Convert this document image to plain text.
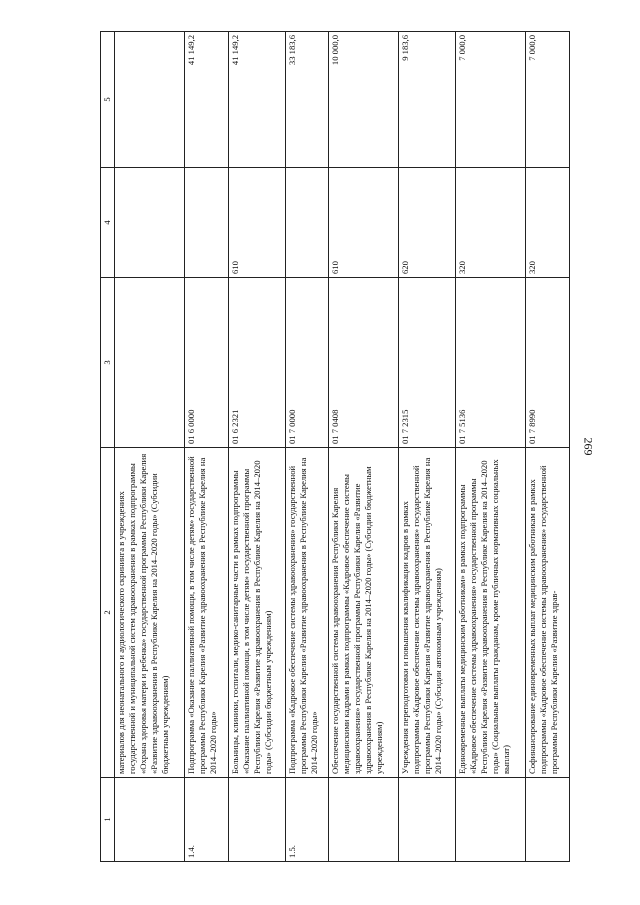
269
1	2	3	4	5
	материалов для неонатального и аудиологического скрининга в учреждениях государственной и муниципальной систем здравоохранения в рамках подпрограммы «Охрана здоровья матери и ребенка» государственной программы Республики Карелия «Развитие здравоохранения в Республике Карелия на 2014–2020 годы» (Субсидии бюджетным учреждениям)			
1.4.	Подпрограмма «Оказание паллиативной помощи, в том числе детям» государственной программы Республики Карелия «Развитие здравоохранения в Республике Карелия на 2014–2020 годы»	01 6 0000		41 149,2
	Больницы, клиники, госпитали, медико-санитарные части в рамках подпрограммы «Оказание паллиативной помощи, в том числе детям» государственной программы Республики Карелия «Развитие здравоохранения в Республике Карелия на 2014–2020 годы» (Субсидии бюджетным учреждениям)	01 6 2321	610	41 149,2
1.5.	Подпрограмма «Кадровое обеспечение системы здравоохранения» государственной программы Республики Карелия «Развитие здравоохранения в Республике Карелия на 2014–2020 годы»	01 7 0000		33 183,6
	Обеспечение государственной системы здравоохранения Республики Карелия медицинскими кадрами в рамках подпрограммы «Кадровое обеспечение системы здравоохранения» государственной программы Республики Карелия «Развитие здравоохранения в Республике Карелия на 2014–2020 годы» (Субсидии бюджетным учреждениям)	01 7 0408	610	10 000,0
	Учреждения переподготовки и повышения квалификации кадров в рамках подпрограммы «Кадровое обеспечение системы здравоохранения» государственной программы Республики Карелия «Развитие здравоохранения в Республике Карелия на 2014–2020 годы» (Субсидии автономным учреждениям)	01 7 2315	620	9 183,6
	Единовременные выплаты медицинским работникам» в рамках подпрограммы «Кадровое обеспечение системы здравоохранения» государственной программы Республики Карелия «Развитие здравоохранения в Республике Карелия на 2014–2020 годы» (Социальные выплаты гражданам, кроме публичных нормативных социальных выплат)	01 7 5136	320	7 000,0
	Софинансирование единовременных выплат медицинским работникам в рамках подпрограммы «Кадровое обеспечение системы здравоохранения» государственной программы Республики Карелия «Развитие здрав-	01 7 8990	320	7 000,0
